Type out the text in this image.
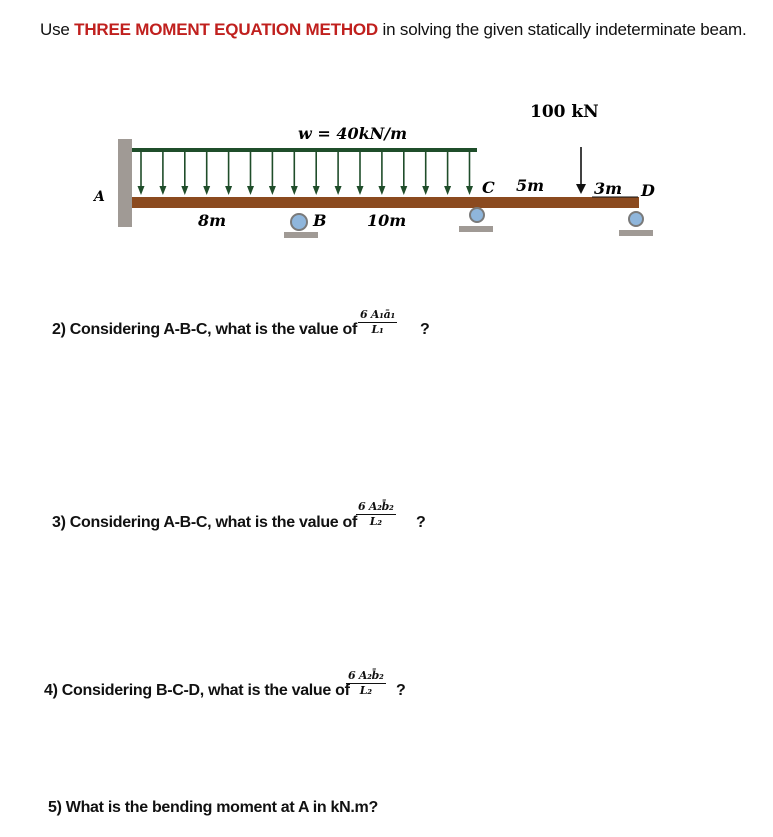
Use THREE MOMENT EQUATION METHOD in solving the given statically indeterminate beam.
100 kN
w = 40kN/m
A
B
C	D
8m	10m
5m	3m
2) Considering A-B-C, what is the value of $\frac{\text{6 A₁ā₁}}{\text{L₁}}$ ?
3) Considering A-B-C, what is the value of
$\frac{\text{6 A₂b̄₂}}{\text{L₂}}$ ?
4) Considering B-C-D, what is the value of
$\frac{\text{6 A₂b̄₂}}{\text{L₂}}$ ?
5) What is the bending moment at A in kN.m?
